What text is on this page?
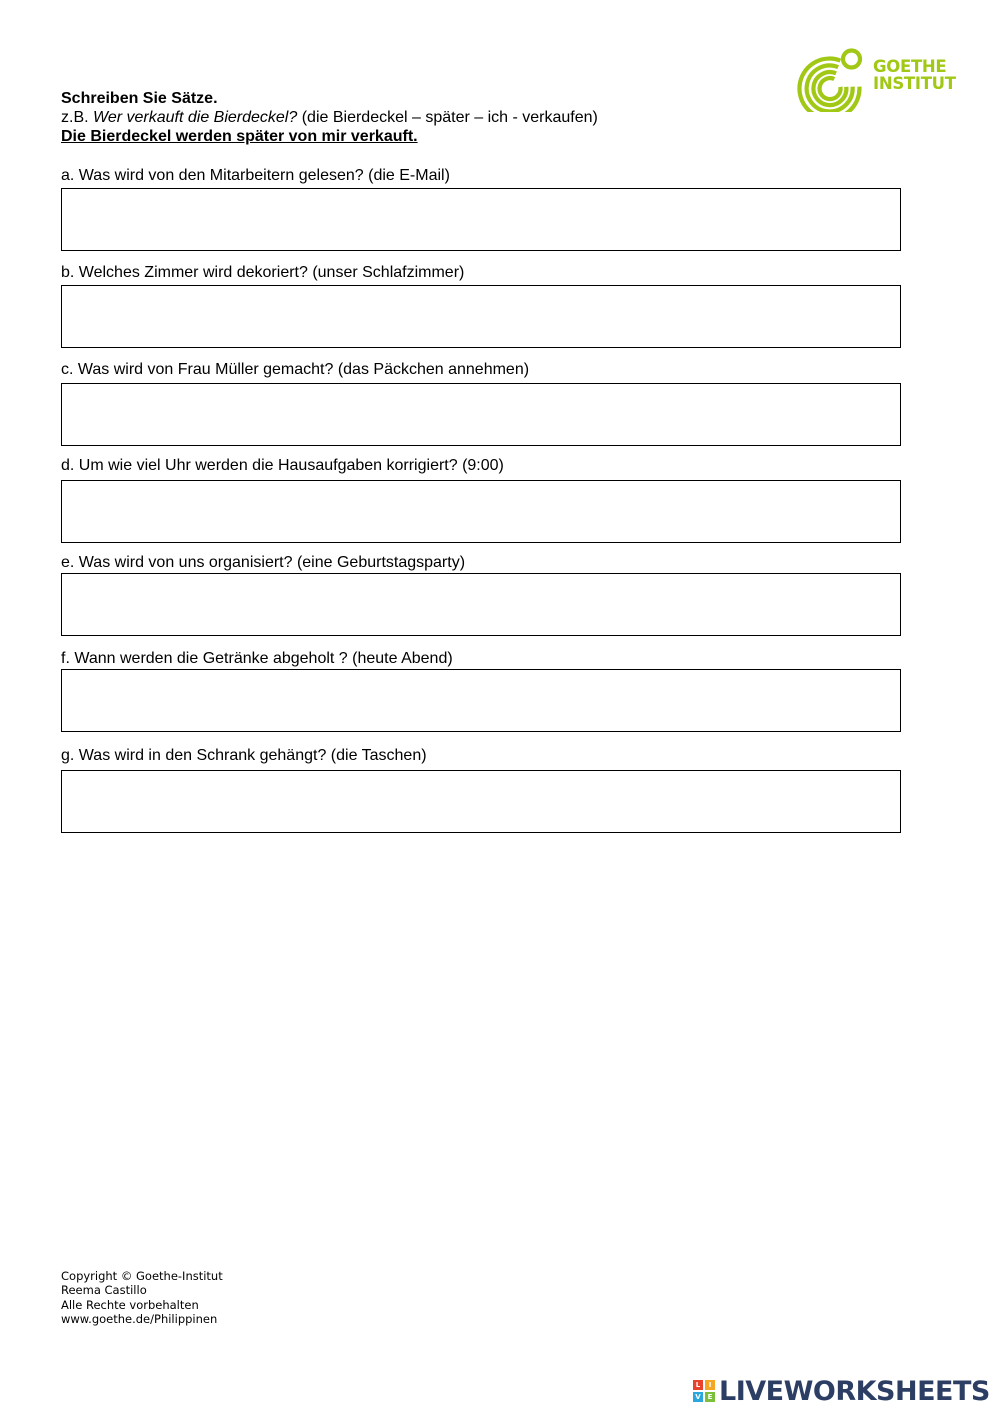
GOETHE
INSTITUT
Schreiben Sie Sätze.
z.B. Wer verkauft die Bierdeckel? (die Bierdeckel – später – ich - verkaufen)
Die Bierdeckel werden später von mir verkauft.
a. Was wird von den Mitarbeitern gelesen? (die E-Mail)
b. Welches Zimmer wird dekoriert? (unser Schlafzimmer)
c. Was wird von Frau Müller gemacht? (das Päckchen annehmen)
d. Um wie viel Uhr werden die Hausaufgaben korrigiert? (9:00)
e. Was wird von uns organisiert? (eine Geburtstagsparty)
f. Wann werden die Getränke abgeholt ? (heute Abend)
g. Was wird in den Schrank gehängt? (die Taschen)
Copyright © Goethe-Institut
Reema Castillo
Alle Rechte vorbehalten
www.goethe.de/Philippinen
L	I
V E LIVEWORKSHEETS
